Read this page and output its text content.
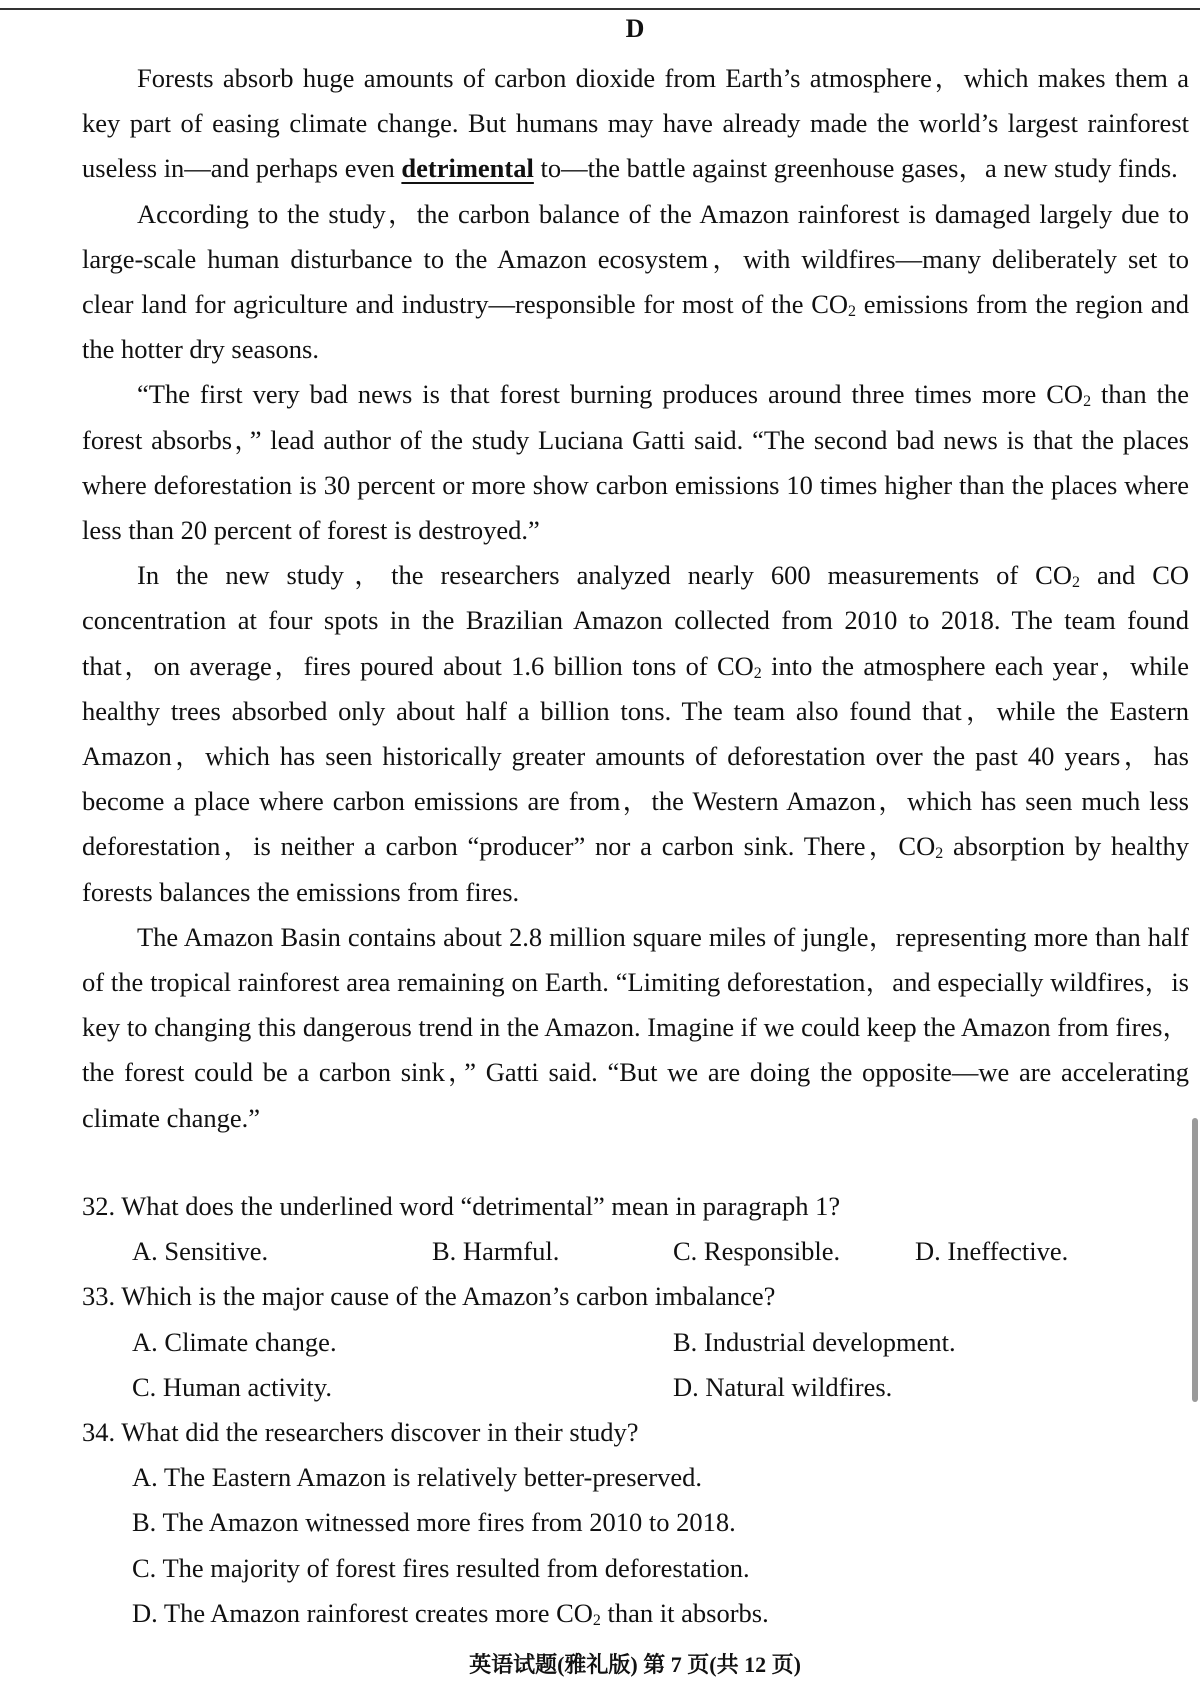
D

Forests absorb huge amounts of carbon dioxide from Earth’s atmosphere，which makes them a key part of easing climate change. But humans may have already made the world’s largest rainforest useless in—and perhaps even detrimental to—the battle against greenhouse gases，a new study finds.

According to the study，the carbon balance of the Amazon rainforest is damaged largely due to large-scale human disturbance to the Amazon ecosystem，with wildfires—many deliberately set to clear land for agriculture and industry—responsible for most of the $CO_2$ emissions from the region and the hotter dry seasons.

“The first very bad news is that forest burning produces around three times more $CO_2$ than the forest absorbs，” lead author of the study Luciana Gatti said. “The second bad news is that the places where deforestation is 30 percent or more show carbon emissions 10 times higher than the places where less than 20 percent of forest is destroyed.”

In the new study，the researchers analyzed nearly 600 measurements of $CO_2$ and CO concentration at four spots in the Brazilian Amazon collected from 2010 to 2018. The team found that，on average，fires poured about 1.6 billion tons of $CO_2$ into the atmosphere each year，while healthy trees absorbed only about half a billion tons. The team also found that，while the Eastern Amazon，which has seen historically greater amounts of deforestation over the past 40 years，has become a place where carbon emissions are from，the Western Amazon，which has seen much less deforestation，is neither a carbon “producer” nor a carbon sink. There，$CO_2$ absorption by healthy forests balances the emissions from fires.

The Amazon Basin contains about 2.8 million square miles of jungle，representing more than half of the tropical rainforest area remaining on Earth. “Limiting deforestation，and especially wildfires，is key to changing this dangerous trend in the Amazon. Imagine if we could keep the Amazon from fires，the forest could be a carbon sink，” Gatti said. “But we are doing the opposite—we are accelerating climate change.”

32. What does the underlined word “detrimental” mean in paragraph 1?
A. Sensitive.	B. Harmful.	C. Responsible.	D. Ineffective.
33. Which is the major cause of the Amazon’s carbon imbalance?
A. Climate change.	B. Industrial development.
C. Human activity.	D. Natural wildfires.
34. What did the researchers discover in their study?
A. The Eastern Amazon is relatively better-preserved.
B. The Amazon witnessed more fires from 2010 to 2018.
C. The majority of forest fires resulted from deforestation.
D. The Amazon rainforest creates more $CO_2$ than it absorbs.
英语试题(雅礼版) 第 7 页(共 12 页)
